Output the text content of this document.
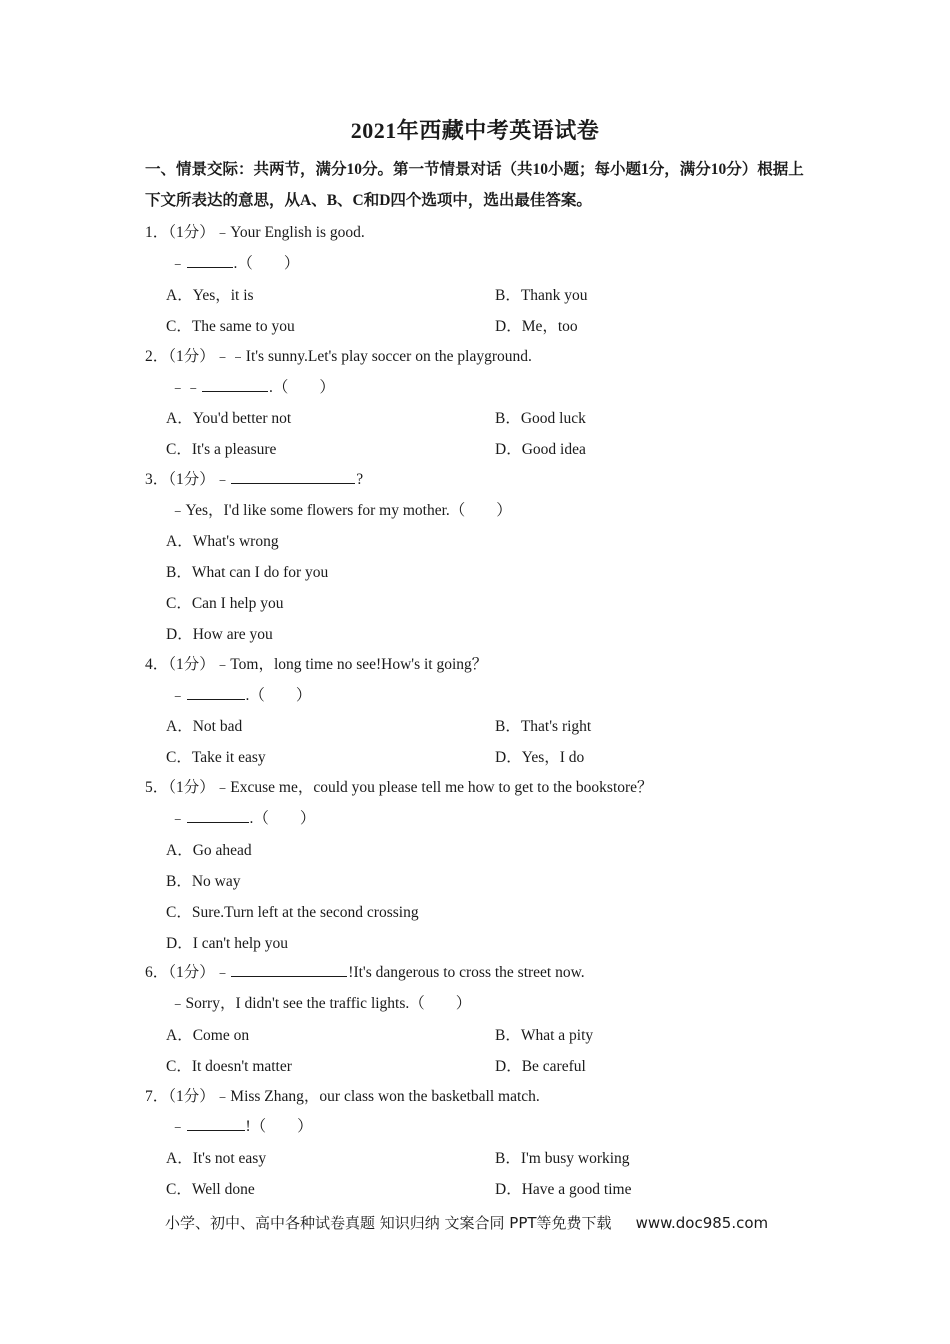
2021年西藏中考英语试卷
一、情景交际：共两节，满分10分。第一节情景对话（共10小题；每小题1分，满分10分）根据上下文所表达的意思，从A、B、C和D四个选项中，选出最佳答案。
1．（1分）﹣Your English is good.
﹣	.（　　）
A．Yes，it is	B．Thank you
C．The same to you	D．Me，too
2．（1分）﹣﹣It's sunny.Let's play soccer on the playground.
﹣﹣	.（　　）
A．You'd better not	B．Good luck
C．It's a pleasure	D．Good idea
3．（1分）﹣	?
﹣Yes，I'd like some flowers for my mother.（　　）
A．What's wrong
B．What can I do for you
C．Can I help you
D．How are you
4．（1分）﹣Tom，long time no see!How's it going？
﹣	.（　　）
A．Not bad	B．That's right
C．Take it easy	D．Yes，I do
5．（1分）﹣Excuse me，could you please tell me how to get to the bookstore？
﹣	.（　　）
A．Go ahead
B．No way
C．Sure.Turn left at the second crossing
D．I can't help you
6．（1分）﹣	!It's dangerous to cross the street now.
﹣Sorry，I didn't see the traffic lights.（　　）
A．Come on	B．What a pity
C．It doesn't matter	D．Be careful
7．（1分）﹣Miss Zhang，our class won the basketball match.
﹣	!（　　）
A．It's not easy	B．I'm busy working
C．Well done	D．Have a good time
小学、初中、高中各种试卷真题 知识归纳 文案合同 PPT等免费下载 www.doc985.com
